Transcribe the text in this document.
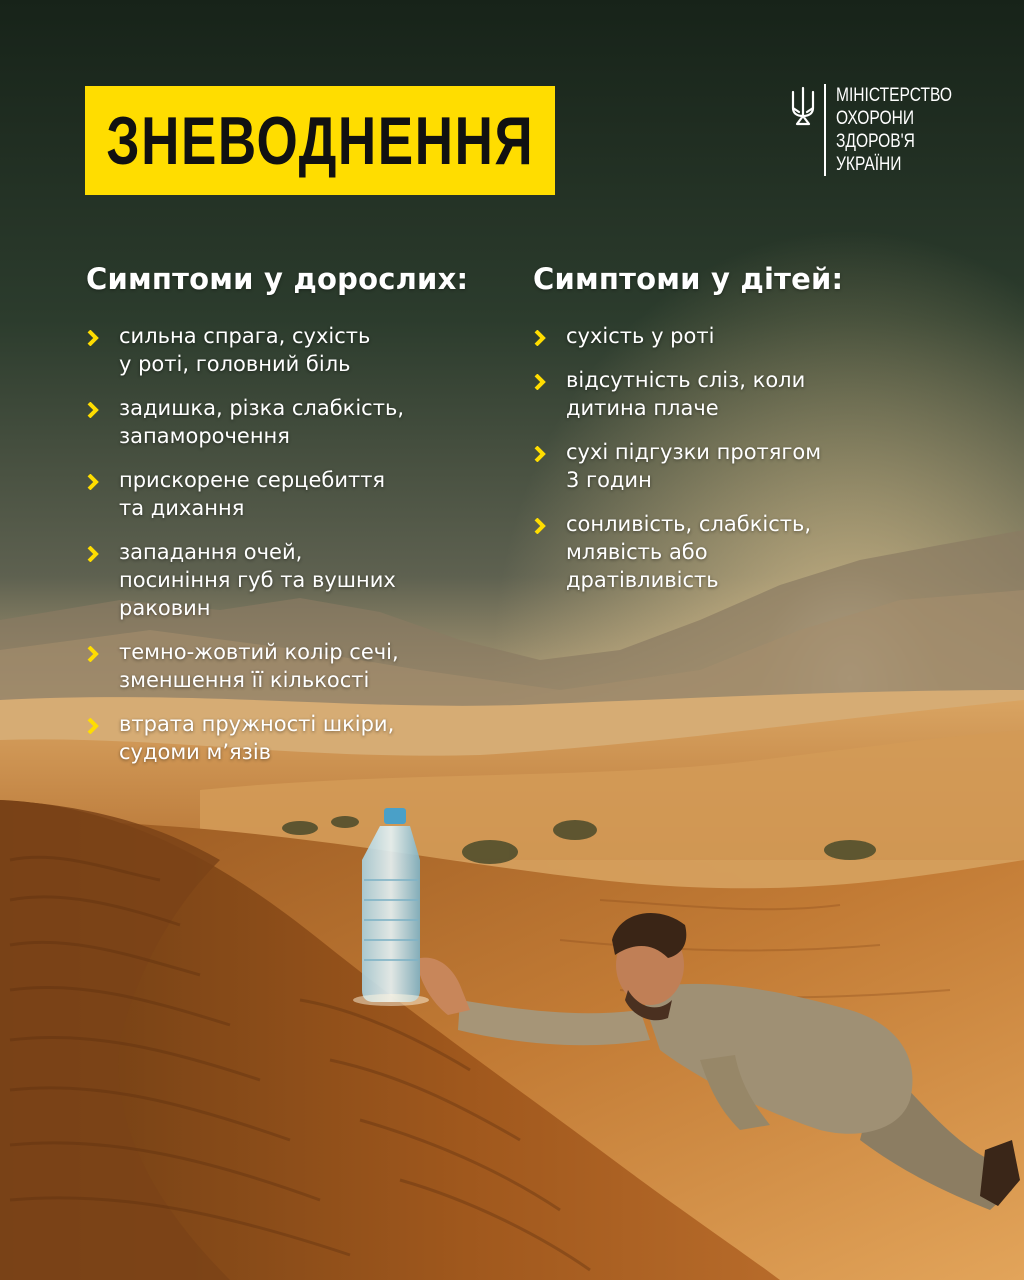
ЗНЕВОДНЕННЯ
МІНІСТЕРСТВО
ОХОРОНИ
ЗДОРОВ'Я
УКРАЇНИ
Симптоми у дорослих:
сильна спрага, сухість
у роті, головний біль
задишка, різка слабкість,
запаморочення
прискорене серцебиття
та дихання
западання очей,
посиніння губ та вушних
раковин
темно-жовтий колір сечі,
зменшення її кількості
втрата пружності шкіри,
судоми м’язів
Симптоми у дітей:
сухість у роті
відсутність сліз, коли
дитина плаче
сухі підгузки протягом
3 годин
сонливість, слабкість,
млявість або
дратівливість
